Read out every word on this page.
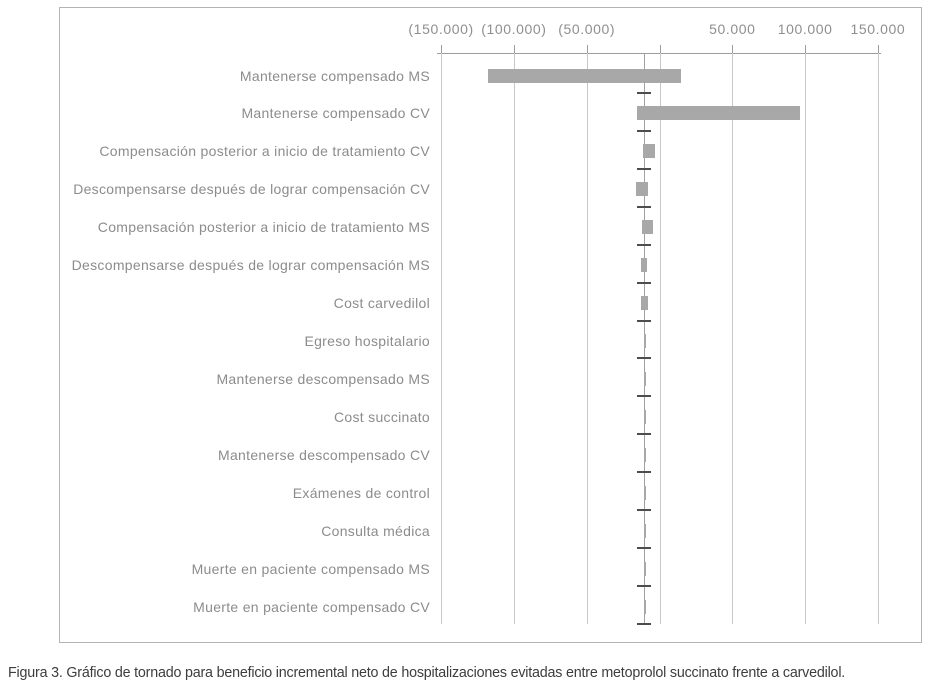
(150.000) (100.000) (50.000)	50.000 100.000 150.000
Mantenerse compensado MS
Mantenerse compensado CV
Compensación posterior a inicio de tratamiento CV
Descompensarse después de lograr compensación CV
Compensación posterior a inicio de tratamiento MS
Descompensarse después de lograr compensación MS
Cost carvedilol
Egreso hospitalario
Mantenerse descompensado MS
Cost succinato
Mantenerse descompensado CV
Exámenes de control
Consulta médica
Muerte en paciente compensado MS
Muerte en paciente compensado CV
Figura 3. Gráfico de tornado para beneficio incremental neto de hospitalizaciones evitadas entre metoprolol succinato frente a carvedilol.
